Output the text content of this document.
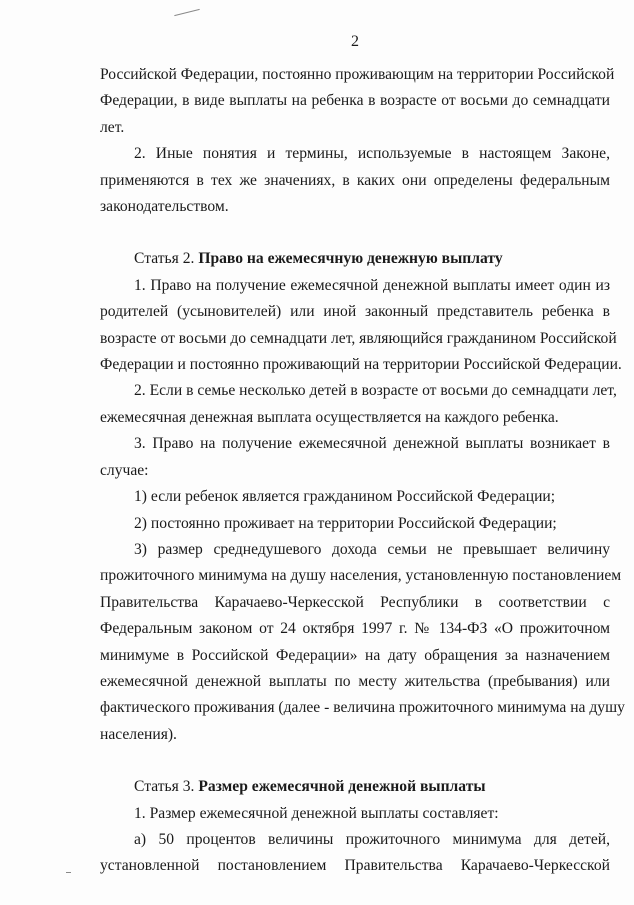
2
Российской Федерации, постоянно проживающим на территории Российской
Федерации, в виде выплаты на ребенка в возрасте от восьми до семнадцати
лет.
2. Иные понятия и термины, используемые в настоящем Законе,
применяются в тех же значениях, в каких они определены федеральным
законодательством.
Статья 2. Право на ежемесячную денежную выплату
1. Право на получение ежемесячной денежной выплаты имеет один из
родителей (усыновителей) или иной законный представитель ребенка в
возрасте от восьми до семнадцати лет, являющийся гражданином Российской
Федерации и постоянно проживающий на территории Российской Федерации.
2. Если в семье несколько детей в возрасте от восьми до семнадцати лет,
ежемесячная денежная выплата осуществляется на каждого ребенка.
3. Право на получение ежемесячной денежной выплаты возникает в
случае:
1) если ребенок является гражданином Российской Федерации;
2) постоянно проживает на территории Российской Федерации;
3) размер среднедушевого дохода семьи не превышает величину
прожиточного минимума на душу населения, установленную постановлением
Правительства Карачаево-Черкесской Республики в соответствии с
Федеральным законом от 24 октября 1997 г. № 134-ФЗ «О прожиточном
минимуме в Российской Федерации» на дату обращения за назначением
ежемесячной денежной выплаты по месту жительства (пребывания) или
фактического проживания (далее - величина прожиточного минимума на душу
населения).
Статья 3. Размер ежемесячной денежной выплаты
1. Размер ежемесячной денежной выплаты составляет:
а) 50 процентов величины прожиточного минимума для детей,
установленной постановлением Правительства Карачаево-Черкесской
